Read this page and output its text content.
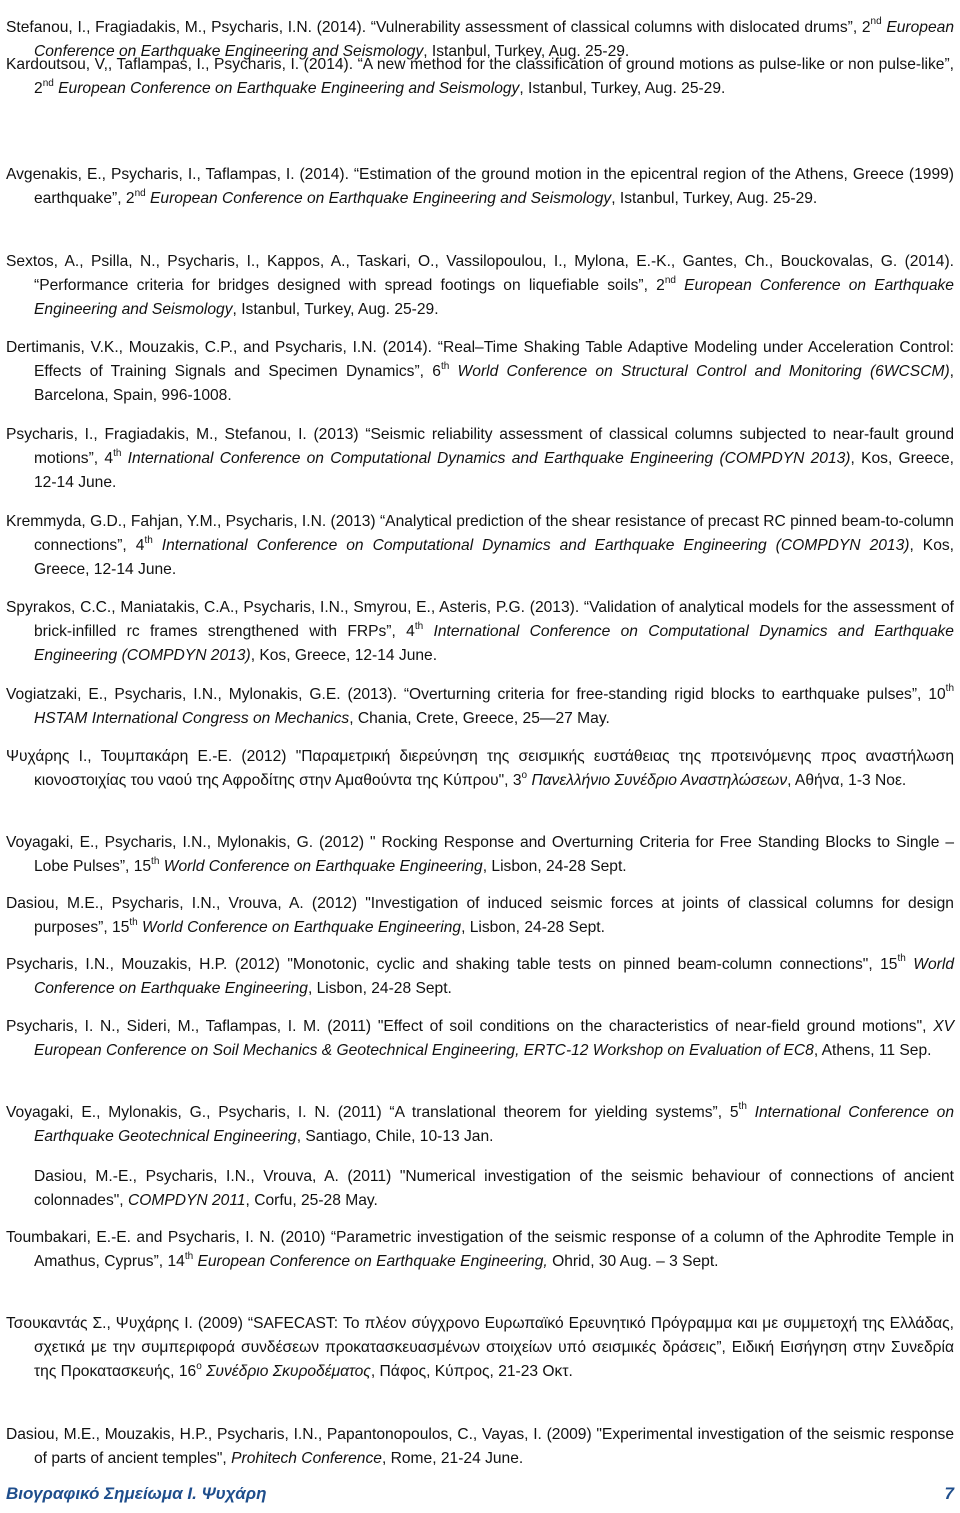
Stefanou, I., Fragiadakis, M., Psycharis, I.N. (2014). “Vulnerability assessment of classical columns with dislocated drums”, 2nd European Conference on Earthquake Engineering and Seismology, Istanbul, Turkey, Aug. 25-29.

Kardoutsou, V,, Taflampas, I., Psycharis, I. (2014). “A new method for the classification of ground motions as pulse-like or non pulse-like”, 2nd European Conference on Earthquake Engineering and Seismology, Istanbul, Turkey, Aug. 25-29.

Avgenakis, E., Psycharis, I., Taflampas, I. (2014). “Estimation of the ground motion in the epicentral region of the Athens, Greece (1999) earthquake”, 2nd European Conference on Earthquake Engineering and Seismology, Istanbul, Turkey, Aug. 25-29.

Sextos, A., Psilla, N., Psycharis, I., Kappos, A., Taskari, O., Vassilopoulou, I., Mylona, E.-K., Gantes, Ch., Bouckovalas, G. (2014). “Performance criteria for bridges designed with spread footings on liquefiable soils”, 2nd European Conference on Earthquake Engineering and Seismology, Istanbul, Turkey, Aug. 25-29.

Dertimanis, V.K., Mouzakis, C.P., and Psycharis, I.N. (2014). “Real–Time Shaking Table Adaptive Modeling under Acceleration Control: Effects of Training Signals and Specimen Dynamics”, 6th World Conference on Structural Control and Monitoring (6WCSCM), Barcelona, Spain, 996-1008.

Psycharis, I., Fragiadakis, M., Stefanou, I. (2013) “Seismic reliability assessment of classical columns subjected to near-fault ground motions”, 4th International Conference on Computational Dynamics and Earthquake Engineering (COMPDYN 2013), Kos, Greece, 12-14 June.

Kremmyda, G.D., Fahjan, Y.M., Psycharis, I.N. (2013) “Analytical prediction of the shear resistance of precast RC pinned beam-to-column connections”, 4th International Conference on Computational Dynamics and Earthquake Engineering (COMPDYN 2013), Kos, Greece, 12-14 June.

Spyrakos, C.C., Maniatakis, C.A., Psycharis, I.N., Smyrou, E., Asteris, P.G. (2013). “Validation of analytical models for the assessment of brick-infilled rc frames strengthened with FRPs”, 4th International Conference on Computational Dynamics and Earthquake Engineering (COMPDYN 2013), Kos, Greece, 12-14 June.

Vogiatzaki, E., Psycharis, I.N., Mylonakis, G.E. (2013). “Overturning criteria for free-standing rigid blocks to earthquake pulses”, 10th HSTAM International Congress on Mechanics, Chania, Crete, Greece, 25—27 May.

Ψυχάρης Ι., Τουμπακάρη Ε.-Ε. (2012) "Παραμετρική διερεύνηση της σεισμικής ευστάθειας της προτεινόμενης προς αναστήλωση κιονοστοιχίας του ναού της Αφροδίτης στην Αμαθούντα της Κύπρου", $3^o$ Πανελλήνιο Συνέδριο Αναστηλώσεων, Αθήνα, 1-3 Νοε.

Voyagaki, E., Psycharis, I.N., Mylonakis, G. (2012) " Rocking Response and Overturning Criteria for Free Standing Blocks to Single – Lobe Pulses”, 15th World Conference on Earthquake Engineering, Lisbon, 24-28 Sept.

Dasiou, M.E., Psycharis, I.N., Vrouva, A. (2012) "Investigation of induced seismic forces at joints of classical columns for design purposes”, 15th World Conference on Earthquake Engineering, Lisbon, 24-28 Sept.

Psycharis, I.N., Mouzakis, H.P. (2012) "Monotonic, cyclic and shaking table tests on pinned beam-column connections", 15th World Conference on Earthquake Engineering, Lisbon, 24-28 Sept.

Psycharis, I. N., Sideri, M., Taflampas, I. M. (2011) "Effect of soil conditions on the characteristics of near-field ground motions", XV European Conference on Soil Mechanics & Geotechnical Engineering, ERTC-12 Workshop on Evaluation of EC8, Athens, 11 Sep.

Voyagaki, E., Mylonakis, G., Psycharis, I. N. (2011) “A translational theorem for yielding systems”, 5th International Conference on Earthquake Geotechnical Engineering, Santiago, Chile, 10-13 Jan.

Dasiou, M.-E., Psycharis, I.N., Vrouva, A. (2011) "Numerical investigation of the seismic behaviour of connections of ancient colonnades", COMPDYN 2011, Corfu, 25-28 May.

Toumbakari, E.-E. and Psycharis, I. N. (2010) “Parametric investigation of the seismic response of a column of the Aphrodite Temple in Amathus, Cyprus”, 14th European Conference on Earthquake Engineering, Ohrid, 30 Aug. – 3 Sept.

Τσουκαντάς Σ., Ψυχάρης Ι. (2009) “SAFECAST: Το πλέον σύγχρονο Ευρωπαϊκό Ερευνητικό Πρόγραμμα και με συμμετοχή της Ελλάδας, σχετικά με την συμπεριφορά συνδέσεων προκατασκευασμένων στοιχείων υπό σεισμικές δράσεις”, Ειδική Εισήγηση στην Συνεδρία της Προκατασκευής, $16^o$ Συνέδριο Σκυροδέματος, Πάφος, Κύπρος, 21-23 Οκτ.

Dasiou, M.E., Mouzakis, H.P., Psycharis, I.N., Papantonopoulos, C., Vayas, I. (2009) "Experimental investigation of the seismic response of parts of ancient temples", Prohitech Conference, Rome, 21-24 June.

Βιογραφικό Σημείωμα Ι. Ψυχάρη	7
